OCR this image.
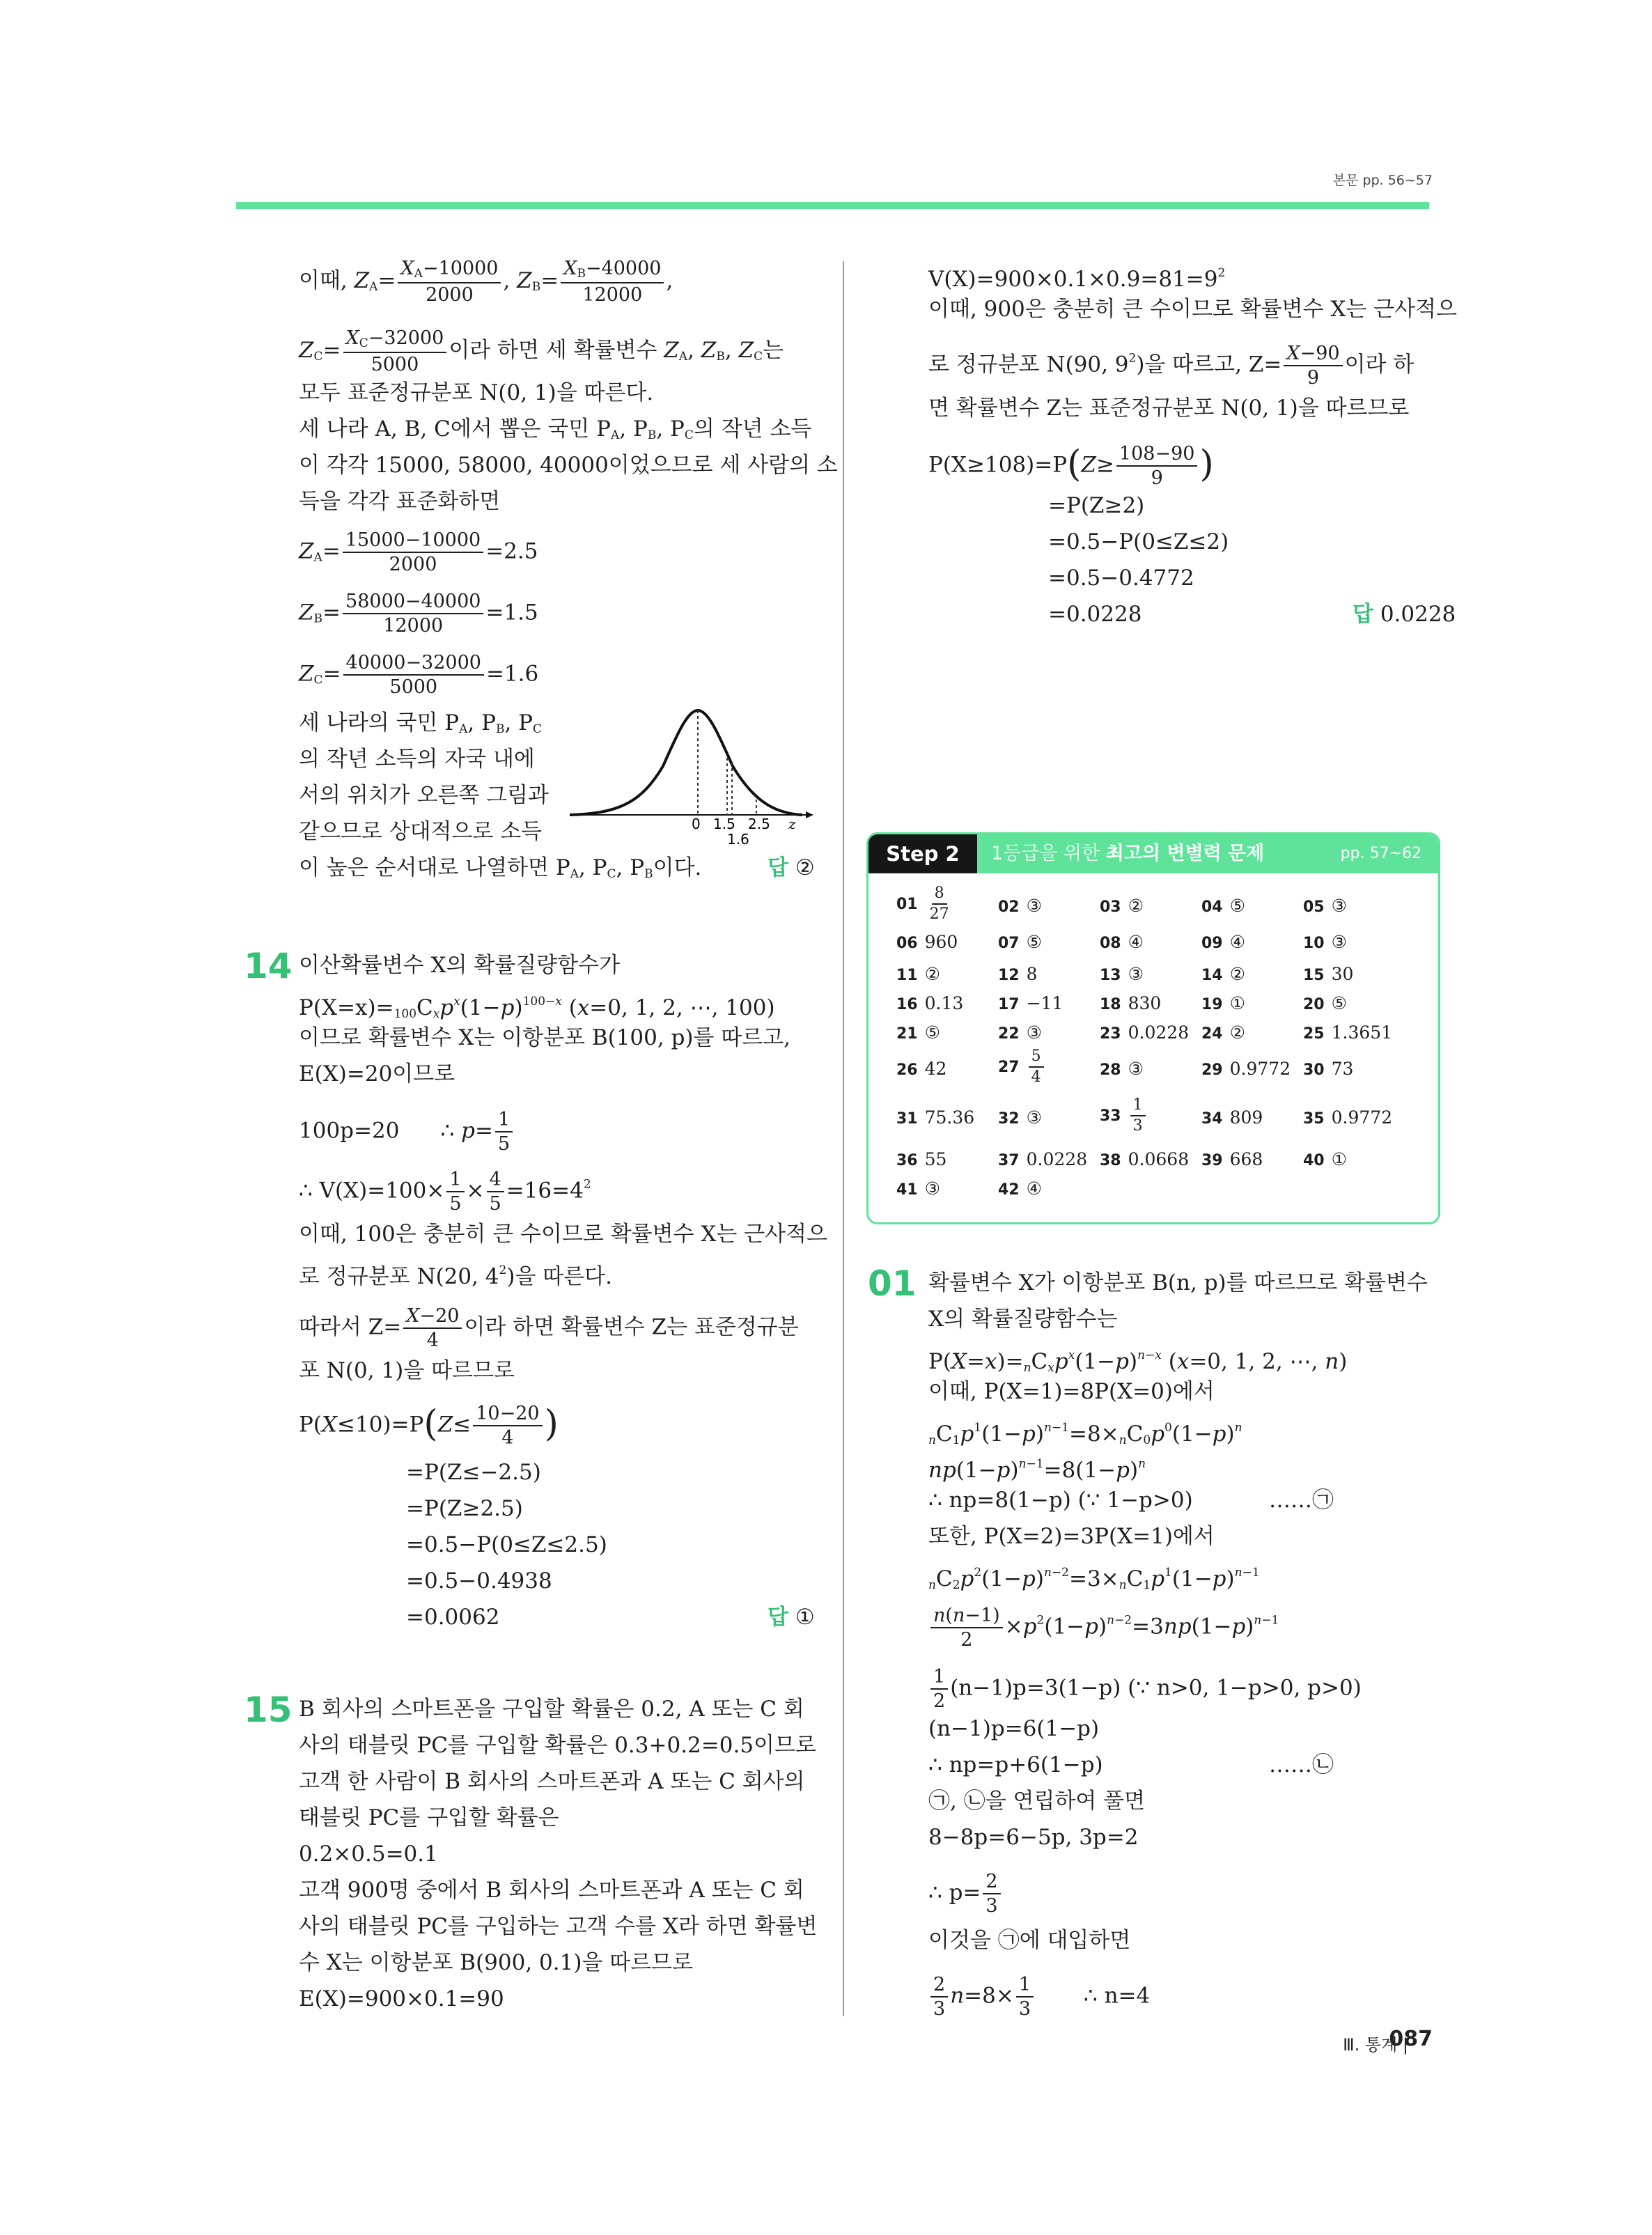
본문 pp. 56~57
이때, $ZA= \frac{XA-10000}{2000}$ , $ZB= \frac{XB-40000}{12000}$ ,
$ZC= \frac{XC-32000}{5000}$ 이라 하면 세 확률변수 ZA, ZB, ZC는
모두 표준정규분포 N(0, 1)을 따른다.
세 나라 A, B, C에서 뽑은 국민 PA, PB, PC의 작년 소득
이 각각 15000, 58000, 40000이었으므로 세 사람의 소
득을 각각 표준화하면
$ZA= \frac{15000-10000}{2000} =2.5$
$ZB= \frac{58000-40000}{12000} =1.5$
$ZC= \frac{40000-32000}{5000} =1.6$
세 나라의 국민 PA, PB, PC
의 작년 소득의 자국 내에
서의 위치가 오른쪽 그림과
같으므로 상대적으로 소득
이 높은 순서대로 나열하면 PA, PC, PB이다.	답 ②
0 1.5 2.5 z
1.6
14 이산확률변수 X의 확률질량함수가
$P(X=x)=100Cxp^x(1-p)^{100-x}$ (x=0, 1, 2, ⋯, 100)
이므로 확률변수 X는 이항분포 B(100, p)를 따르고,
E(X)=20이므로
100p=20      ∴ $p= \frac{1}{5}$
∴ $V(X)=100\times \frac{1}{5} \times \frac{4}{5} =16=4^2$
이때, 100은 충분히 큰 수이므로 확률변수 X는 근사적으
로 정규분포 N(20, $4^2$)을 따른다.
따라서 $Z= \frac{X-20}{4}$ 이라 하면 확률변수 Z는 표준정규분
포 N(0, 1)을 따르므로
$P(X\le 10)=P(Z\le \frac{10-20}{4}$ )
=P(Z≤−2.5)
=P(Z≥2.5)
=0.5−P(0≤Z≤2.5)
=0.5−0.4938
=0.0062	답 ①
15 B 회사의 스마트폰을 구입할 확률은 0.2, A 또는 C 회
사의 태블릿 PC를 구입할 확률은 0.3+0.2=0.5이므로
고객 한 사람이 B 회사의 스마트폰과 A 또는 C 회사의
태블릿 PC를 구입할 확률은
0.2×0.5=0.1
고객 900명 중에서 B 회사의 스마트폰과 A 또는 C 회
사의 태블릿 PC를 구입하는 고객 수를 X라 하면 확률변
수 X는 이항분포 B(900, 0.1)을 따르므로
E(X)=900×0.1=90
$V(X)=900\times 0.1\times 0.9=81=9^2$
이때, 900은 충분히 큰 수이므로 확률변수 X는 근사적으
로 정규분포 N(90, $9^2$)을 따르고, $Z= \frac{X-90}{9}$ 이라 하
면 확률변수 Z는 표준정규분포 N(0, 1)을 따르므로
$P(X\ge 108)=P(Z\ge \frac{108-90}{9}$ )
=P(Z≥2)
=0.5−P(0≤Z≤2)
=0.5−0.4772
=0.0228	답 0.0228
Step 2	1등급을 위한 최고의 변별력 문제	pp. 57~62
$01 \frac{8}{27}$	02 ③	03 ②	04 ⑤	05 ③
06 960	07 ⑤	08 ④	09 ④	10 ③
11 ②	12 8	13 ③	14 ②	15 30
16 0.13 17 −11 18 830	19 ①	20 ⑤
21 ⑤	22 ③	23 0.0228 24 ②	25 1.3651
26 42	$27 \frac{5}{4}$	28 ③	29 0.9772 30 73
31 75.36 32 ③	$33 \frac{1}{3}$	34 809	35 0.9772
36 55	37 0.0228 38 0.0668 39 668	40 ①
41 ③	42 ④
01 확률변수 X가 이항분포 B(n, p)를 따르므로 확률변수
X의 확률질량함수는
$P(X=x)=nCxp^x(1-p)^{n-x}$ (x=0, 1, 2, ⋯, n)
이때, P(X=1)=8P(X=0)에서
$nC1p^1(1-p)^{n-1}=8\times nC0p^0(1-p)^n$
$np(1-p)^{n-1}=8(1-p)^n$
∴ np=8(1−p) (∵ 1−p>0)	……㉠
또한, P(X=2)=3P(X=1)에서
$nC2p^2(1-p)^{n-2}=3\times nC1p^1(1-p)^{n-1}$
$\frac{n(n-1)}{2} \times p^2(1-p)^{n-2}=3np(1-p)^{n-1}$
$\frac{1}{2} (n-1)p=3(1-p)$ (∵ n>0, 1−p>0, p>0)
(n−1)p=6(1−p)
∴ np=p+6(1−p)	……㉡
㉠, ㉡을 연립하여 풀면
8−8p=6−5p, 3p=2
∴ $p= \frac{2}{3}$
이것을 ㉠에 대입하면
$\frac{2}{3} n=8\times \frac{1}{3}$ ∴ n=4
Ⅲ. 통계 |
087
